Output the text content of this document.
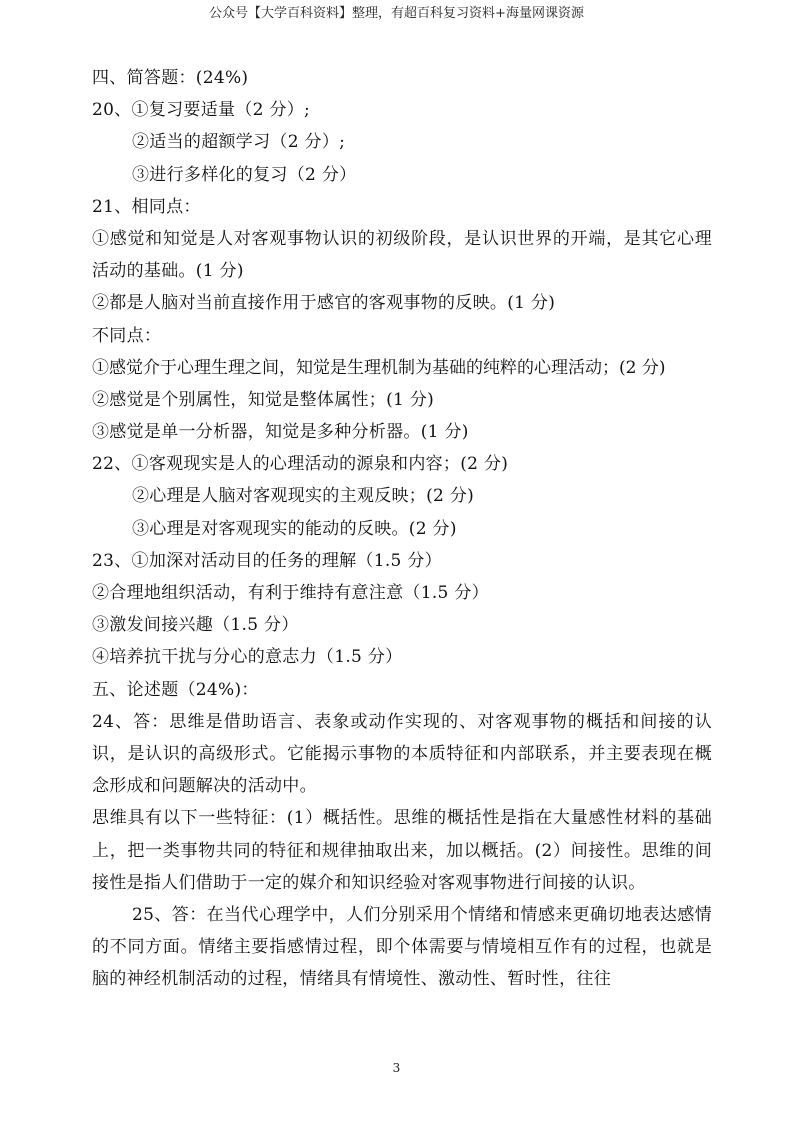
公众号【大学百科资料】整理，有超百科复习资料+海量网课资源
四、简答题：(24%)
20、①复习要适量（2 分）;
②适当的超额学习（2 分）;
③进行多样化的复习（2 分）
21、相同点：
①感觉和知觉是人对客观事物认识的初级阶段，是认识世界的开端，是其它心理活动的基础。(1 分)
②都是人脑对当前直接作用于感官的客观事物的反映。(1 分)
不同点：
①感觉介于心理生理之间，知觉是生理机制为基础的纯粹的心理活动；(2 分)
②感觉是个别属性，知觉是整体属性；(1 分)
③感觉是单一分析器，知觉是多种分析器。(1 分)
22、①客观现实是人的心理活动的源泉和内容；(2 分)
②心理是人脑对客观现实的主观反映；(2 分)
③心理是对客观现实的能动的反映。(2 分)
23、①加深对活动目的任务的理解（1.5 分）
②合理地组织活动，有利于维持有意注意（1.5 分）
③激发间接兴趣（1.5 分）
④培养抗干扰与分心的意志力（1.5 分）
五、论述题（24%)：
24、答：思维是借助语言、表象或动作实现的、对客观事物的概括和间接的认识，是认识的高级形式。它能揭示事物的本质特征和内部联系，并主要表现在概念形成和问题解决的活动中。
思维具有以下一些特征：(1）概括性。思维的概括性是指在大量感性材料的基础上，把一类事物共同的特征和规律抽取出来，加以概括。(2）间接性。思维的间接性是指人们借助于一定的媒介和知识经验对客观事物进行间接的认识。
25、答：在当代心理学中，人们分别采用个情绪和情感来更确切地表达感情的不同方面。情绪主要指感情过程，即个体需要与情境相互作有的过程，也就是脑的神经机制活动的过程，情绪具有情境性、激动性、暂时性，往往
3
